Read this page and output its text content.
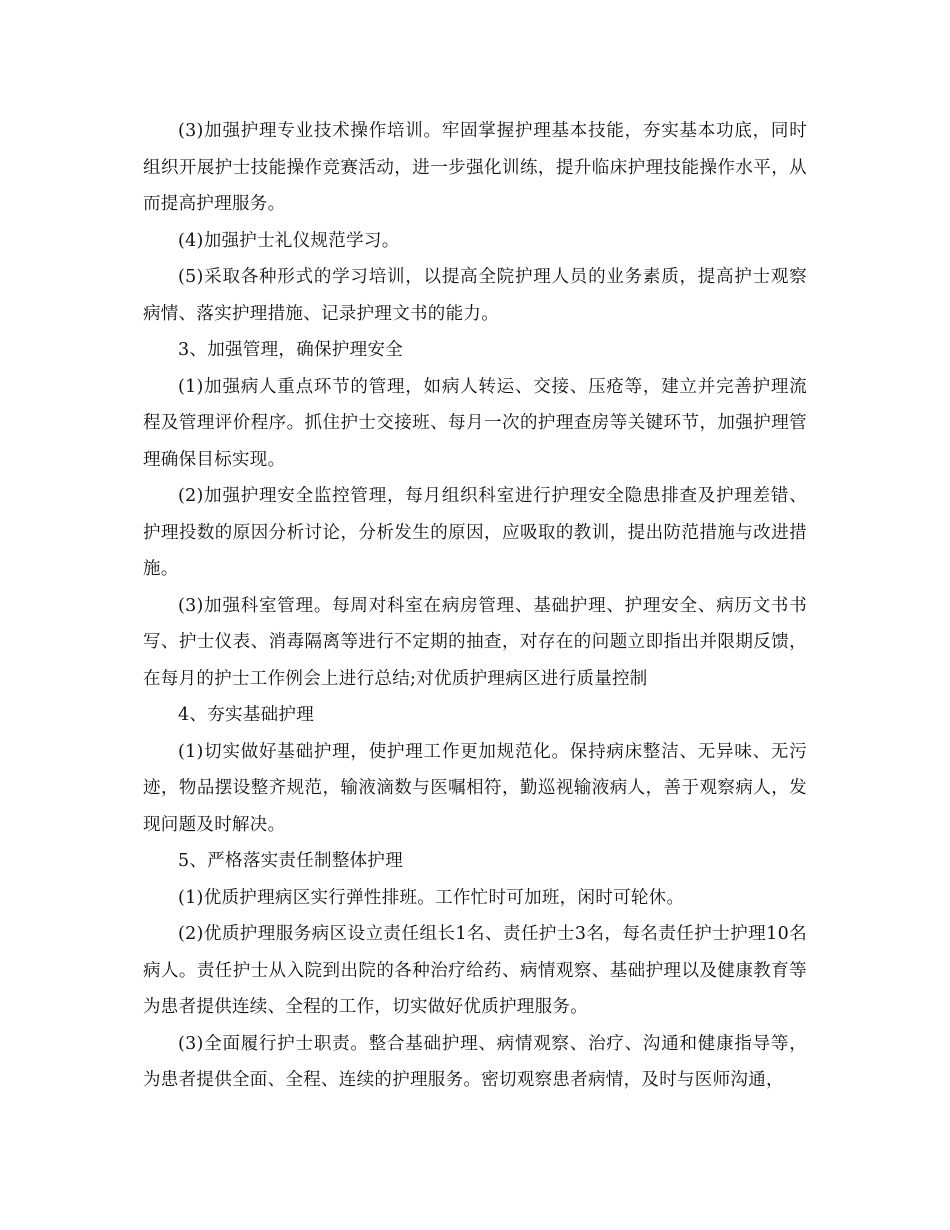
(3)加强护理专业技术操作培训。牢固掌握护理基本技能，夯实基本功底，同时组织开展护士技能操作竞赛活动，进一步强化训练，提升临床护理技能操作水平，从而提高护理服务。

(4)加强护士礼仪规范学习。

(5)采取各种形式的学习培训，以提高全院护理人员的业务素质，提高护士观察病情、落实护理措施、记录护理文书的能力。

3、加强管理，确保护理安全

(1)加强病人重点环节的管理，如病人转运、交接、压疮等，建立并完善护理流程及管理评价程序。抓住护士交接班、每月一次的护理查房等关键环节，加强护理管理确保目标实现。

(2)加强护理安全监控管理，每月组织科室进行护理安全隐患排查及护理差错、护理投数的原因分析讨论，分析发生的原因，应吸取的教训，提出防范措施与改进措施。

(3)加强科室管理。每周对科室在病房管理、基础护理、护理安全、病历文书书写、护士仪表、消毒隔离等进行不定期的抽查，对存在的问题立即指出并限期反馈，在每月的护士工作例会上进行总结;对优质护理病区进行质量控制

4、夯实基础护理

(1)切实做好基础护理，使护理工作更加规范化。保持病床整洁、无异味、无污迹，物品摆设整齐规范，输液滴数与医嘱相符，勤巡视输液病人，善于观察病人，发现问题及时解决。

5、严格落实责任制整体护理

(1)优质护理病区实行弹性排班。工作忙时可加班，闲时可轮休。

(2)优质护理服务病区设立责任组长1名、责任护士3名，每名责任护士护理10名病人。责任护士从入院到出院的各种治疗给药、病情观察、基础护理以及健康教育等为患者提供连续、全程的工作，切实做好优质护理服务。

(3)全面履行护士职责。整合基础护理、病情观察、治疗、沟通和健康指导等，为患者提供全面、全程、连续的护理服务。密切观察患者病情，及时与医师沟通，
